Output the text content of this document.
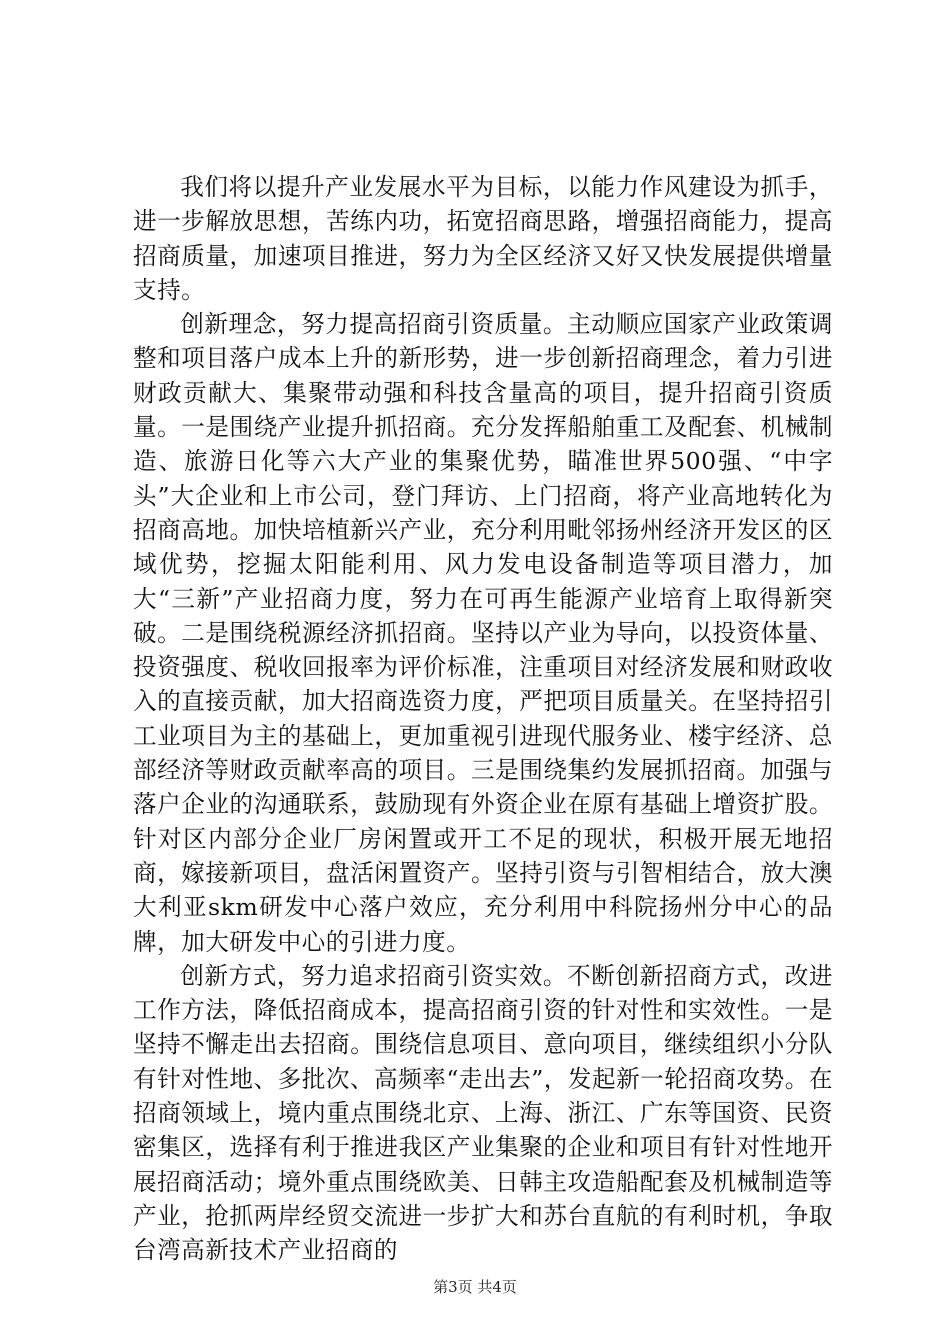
我们将以提升产业发展水平为目标，以能力作风建设为抓手，进一步解放思想，苦练内功，拓宽招商思路，增强招商能力，提高招商质量，加速项目推进，努力为全区经济又好又快发展提供增量支持。

创新理念，努力提高招商引资质量。主动顺应国家产业政策调整和项目落户成本上升的新形势，进一步创新招商理念，着力引进财政贡献大、集聚带动强和科技含量高的项目，提升招商引资质量。一是围绕产业提升抓招商。充分发挥船舶重工及配套、机械制造、旅游日化等六大产业的集聚优势，瞄准世界500强、“中字头”大企业和上市公司，登门拜访、上门招商，将产业高地转化为招商高地。加快培植新兴产业，充分利用毗邻扬州经济开发区的区域优势，挖掘太阳能利用、风力发电设备制造等项目潜力，加大“三新”产业招商力度，努力在可再生能源产业培育上取得新突破。二是围绕税源经济抓招商。坚持以产业为导向，以投资体量、投资强度、税收回报率为评价标准，注重项目对经济发展和财政收入的直接贡献，加大招商选资力度，严把项目质量关。在坚持招引工业项目为主的基础上，更加重视引进现代服务业、楼宇经济、总部经济等财政贡献率高的项目。三是围绕集约发展抓招商。加强与落户企业的沟通联系，鼓励现有外资企业在原有基础上增资扩股。针对区内部分企业厂房闲置或开工不足的现状，积极开展无地招商，嫁接新项目，盘活闲置资产。坚持引资与引智相结合，放大澳大利亚skm研发中心落户效应，充分利用中科院扬州分中心的品牌，加大研发中心的引进力度。

创新方式，努力追求招商引资实效。不断创新招商方式，改进工作方法，降低招商成本，提高招商引资的针对性和实效性。一是坚持不懈走出去招商。围绕信息项目、意向项目，继续组织小分队有针对性地、多批次、高频率“走出去”，发起新一轮招商攻势。在招商领域上，境内重点围绕北京、上海、浙江、广东等国资、民资密集区，选择有利于推进我区产业集聚的企业和项目有针对性地开展招商活动；境外重点围绕欧美、日韩主攻造船配套及机械制造等产业，抢抓两岸经贸交流进一步扩大和苏台直航的有利时机，争取台湾高新技术产业招商的

第3页 共4页
